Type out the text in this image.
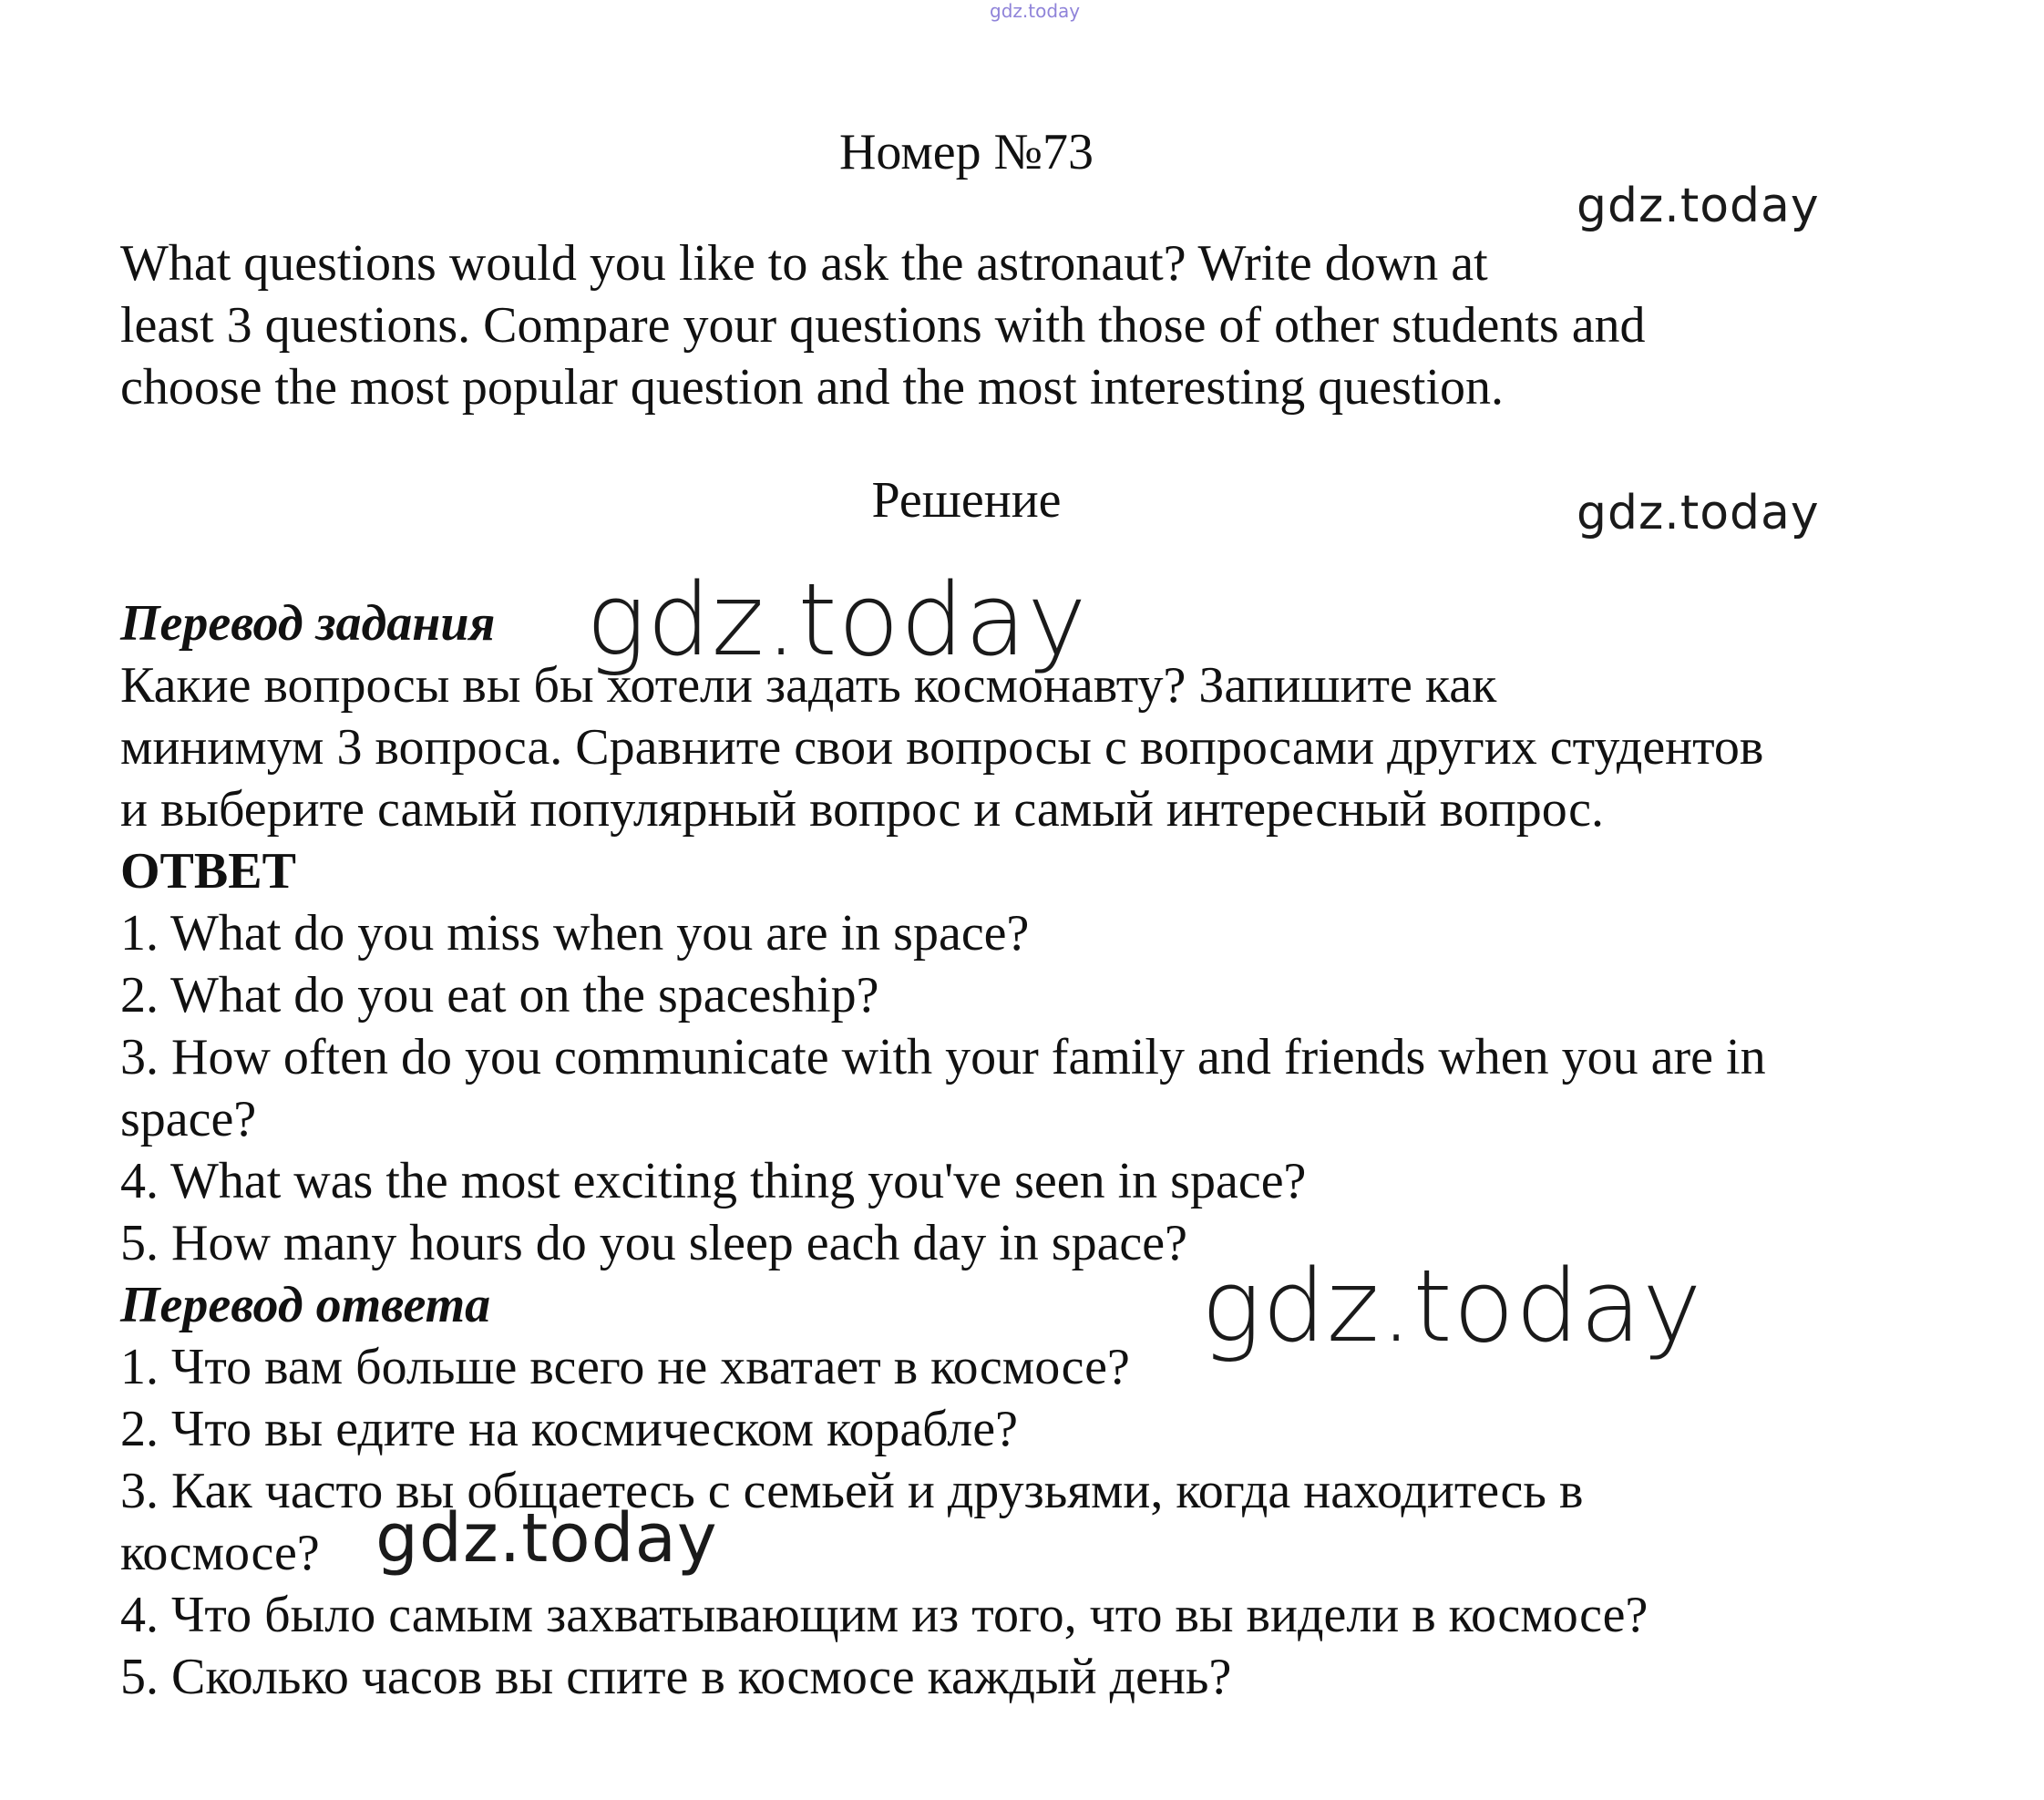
gdz.today
Номер №73

What questions would you like to ask the astronaut? Write down at

least 3 questions. Compare your questions with those of other students and

choose the most popular question and the most interesting question.

Решение

Перевод задания

Какие вопросы вы бы хотели задать космонавту? Запишите как

минимум 3 вопроса. Сравните свои вопросы с вопросами других студентов

и выберите самый популярный вопрос и самый интересный вопрос.

ОТВЕТ

1. What do you miss when you are in space?

2. What do you eat on the spaceship?

3. How often do you communicate with your family and friends when you are in

space?

4. What was the most exciting thing you've seen in space?

5. How many hours do you sleep each day in space?

Перевод ответа

1. Что вам больше всего не хватает в космосе?

2. Что вы едите на космическом корабле?

3. Как часто вы общаетесь с семьей и друзьями, когда находитесь в

космосе?

4. Что было самым захватывающим из того, что вы видели в космосе?

5. Сколько часов вы спите в космосе каждый день?

gdz.today
gdz.today
gdz.today
gdz.today
gdz.today
